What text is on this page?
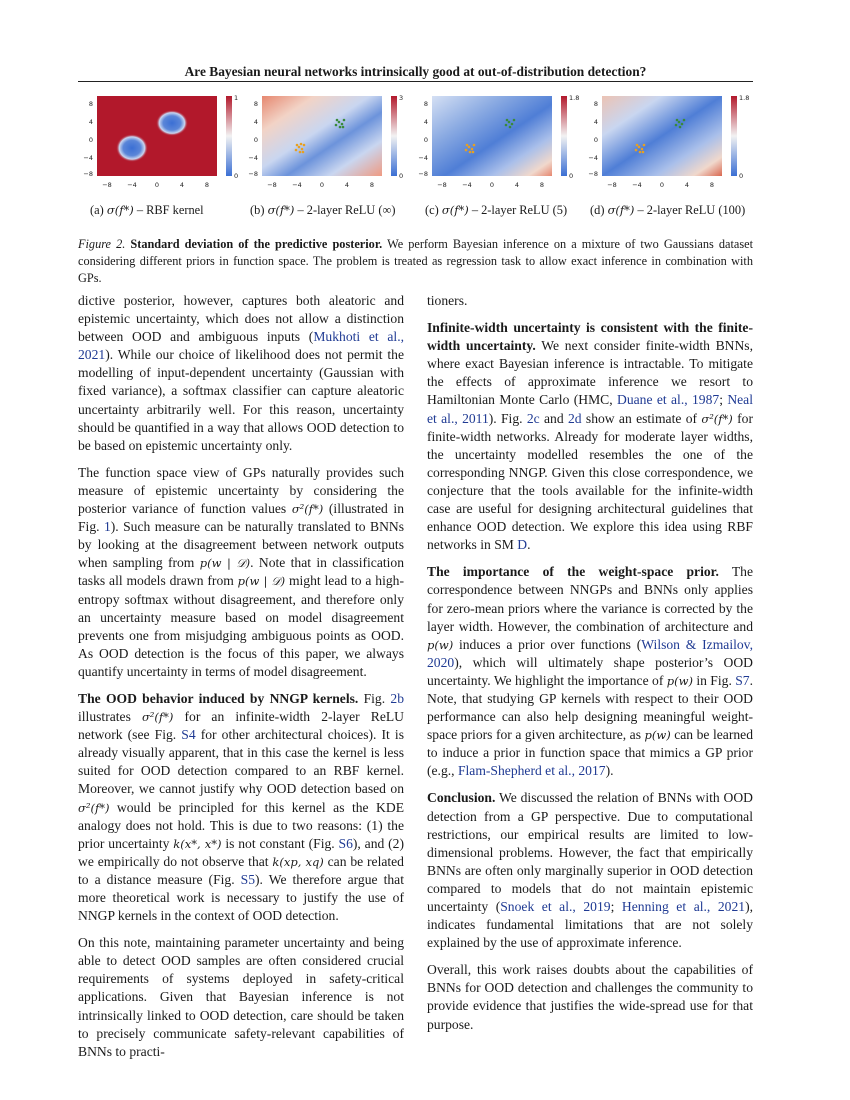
Are Bayesian neural networks intrinsically good at out-of-distribution detection?
1
0
8
4
0
−4
−8
−8 −4	0	4	8
3
0
8
4
0
−4
−8
−8 −4	0	4	8
1.8
0
8
4
0
−4
−8
−8 −4	0	4	8
1.8
0
8
4
0
−4
−8
−8 −4	0	4	8
(a) σ(f*) – RBF kernel	(b) σ(f*) – 2-layer ReLU (∞) (c) σ(f*) – 2-layer ReLU (5) (d) σ(f*) – 2-layer ReLU (100)
Figure 2. Standard deviation of the predictive posterior. We perform Bayesian inference on a mixture of two Gaussians dataset considering different priors in function space. The problem is treated as regression task to allow exact inference in combination with GPs.

dictive posterior, however, captures both aleatoric and epistemic uncertainty, which does not allow a distinction between OOD and ambiguous inputs (Mukhoti et al., 2021). While our choice of likelihood does not permit the modelling of input-dependent uncertainty (Gaussian with fixed variance), a softmax classifier can capture aleatoric uncertainty arbitrarily well. For this reason, uncertainty should be quantified in a way that allows OOD detection to be based on epistemic uncertainty only.

The function space view of GPs naturally provides such measure of epistemic uncertainty by considering the posterior variance of function values σ²(f*) (illustrated in Fig. 1). Such measure can be naturally translated to BNNs by looking at the disagreement between network outputs when sampling from p(w | 𝒟). Note that in classification tasks all models drawn from p(w | 𝒟) might lead to a high-entropy softmax without disagreement, and therefore only an uncertainty measure based on model disagreement prevents one from misjudging ambiguous points as OOD. As OOD detection is the focus of this paper, we always quantify uncertainty in terms of model disagreement.

The OOD behavior induced by NNGP kernels. Fig. 2b illustrates σ²(f*) for an infinite-width 2-layer ReLU network (see Fig. S4 for other architectural choices). It is already visually apparent, that in this case the kernel is less suited for OOD detection compared to an RBF kernel. Moreover, we cannot justify why OOD detection based on σ²(f*) would be principled for this kernel as the KDE analogy does not hold. This is due to two reasons: (1) the prior uncertainty k(x*, x*) is not constant (Fig. S6), and (2) we empirically do not observe that k(xp, xq) can be related to a distance measure (Fig. S5). We therefore argue that more theoretical work is necessary to justify the use of NNGP kernels in the context of OOD detection.

On this note, maintaining parameter uncertainty and being able to detect OOD samples are often considered crucial requirements of systems deployed in safety-critical applications. Given that Bayesian inference is not intrinsically linked to OOD detection, care should be taken to precisely communicate safety-relevant capabilities of BNNs to practi-

tioners.

Infinite-width uncertainty is consistent with the finite-width uncertainty. We next consider finite-width BNNs, where exact Bayesian inference is intractable. To mitigate the effects of approximate inference we resort to Hamiltonian Monte Carlo (HMC, Duane et al., 1987; Neal et al., 2011). Fig. 2c and 2d show an estimate of σ²(f*) for finite-width networks. Already for moderate layer widths, the uncertainty modelled resembles the one of the corresponding NNGP. Given this close correspondence, we conjecture that the tools available for the infinite-width case are useful for designing architectural guidelines that enhance OOD detection. We explore this idea using RBF networks in SM D.

The importance of the weight-space prior. The correspondence between NNGPs and BNNs only applies for zero-mean priors where the variance is corrected by the layer width. However, the combination of architecture and p(w) induces a prior over functions (Wilson & Izmailov, 2020), which will ultimately shape posterior’s OOD uncertainty. We highlight the importance of p(w) in Fig. S7. Note, that studying GP kernels with respect to their OOD performance can also help designing meaningful weight-space priors for a given architecture, as p(w) can be learned to induce a prior in function space that mimics a GP prior (e.g., Flam-Shepherd et al., 2017).

Conclusion. We discussed the relation of BNNs with OOD detection from a GP perspective. Due to computational restrictions, our empirical results are limited to low-dimensional problems. However, the fact that empirically BNNs are often only marginally superior in OOD detection compared to models that do not maintain epistemic uncertainty (Snoek et al., 2019; Henning et al., 2021), indicates fundamental limitations that are not solely explained by the use of approximate inference.

Overall, this work raises doubts about the capabilities of BNNs for OOD detection and challenges the community to provide evidence that justifies the wide-spread use for that purpose.
